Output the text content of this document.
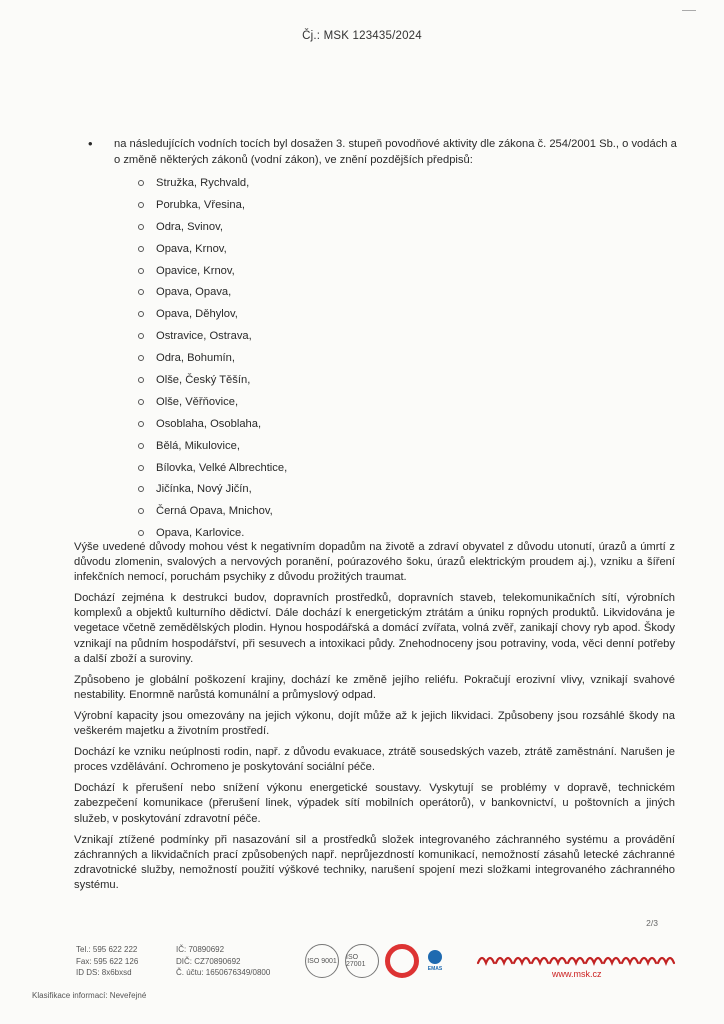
Čj.: MSK 123435/2024
•	na následujících vodních tocích byl dosažen 3. stupeň povodňové aktivity dle zákona č. 254/2001 Sb., o vodách a o změně některých zákonů (vodní zákon), ve znění pozdějších předpisů:
Stružka, Rychvald,
Porubka, Vřesina,
Odra, Svinov,
Opava, Krnov,
Opavice, Krnov,
Opava, Opava,
Opava, Děhylov,
Ostravice, Ostrava,
Odra, Bohumín,
Olše, Český Těšín,
Olše, Věřňovice,
Osoblaha, Osoblaha,
Bělá, Mikulovice,
Bílovka, Velké Albrechtice,
Jičínka, Nový Jičín,
Černá Opava, Mnichov,
Opava, Karlovice.

Výše uvedené důvody mohou vést k negativním dopadům na životě a zdraví obyvatel z důvodu utonutí, úrazů a úmrtí z důvodu zlomenin, svalových a nervových poranění, poúrazového šoku, úrazů elektrickým proudem aj.), vzniku a šíření infekčních nemocí, poruchám psychiky z důvodu prožitých traumat.

Dochází zejména k destrukci budov, dopravních prostředků, dopravních staveb, telekomunikačních sítí, výrobních komplexů a objektů kulturního dědictví. Dále dochází k energetickým ztrátám a úniku ropných produktů. Likvidována je vegetace včetně zemědělských plodin. Hynou hospodářská a domácí zvířata, volná zvěř, zanikají chovy ryb apod. Škody vznikají na půdním hospodářství, při sesuvech a intoxikaci půdy. Znehodnoceny jsou potraviny, voda, věci denní potřeby a další zboží a suroviny.

Způsobeno je globální poškození krajiny, dochází ke změně jejího reliéfu. Pokračují erozivní vlivy, vznikají svahové nestability. Enormně narůstá komunální a průmyslový odpad.

Výrobní kapacity jsou omezovány na jejich výkonu, dojít může až k jejich likvidaci. Způsobeny jsou rozsáhlé škody na veškerém majetku a životním prostředí.

Dochází ke vzniku neúplnosti rodin, např. z důvodu evakuace, ztrátě sousedských vazeb, ztrátě zaměstnání. Narušen je proces vzdělávání. Ochromeno je poskytování sociální péče.

Dochází k přerušení nebo snížení výkonu energetické soustavy. Vyskytují se problémy v dopravě, technickém zabezpečení komunikace (přerušení linek, výpadek sítí mobilních operátorů), v bankovnictví, u poštovních a jiných služeb, v poskytování zdravotní péče.

Vznikají ztížené podmínky při nasazování sil a prostředků složek integrovaného záchranného systému a provádění záchranných a likvidačních prací způsobených např. neprůjezdností komunikací, nemožností zásahů letecké záchranné zdravotnické služby, nemožností použití výškové techniky, narušení spojení mezi složkami integrovaného záchranného systému.

2/3
Tel.: 595 622 222	IČ: 70890692
Fax: 595 622 126	DIČ: CZ70890692
ID DS: 8x6bxsd	Č. účtu: 1650676349/0800
Klasifikace informací: Neveřejné
ISO 9001 ISO 27001
EMAS	www.msk.cz
